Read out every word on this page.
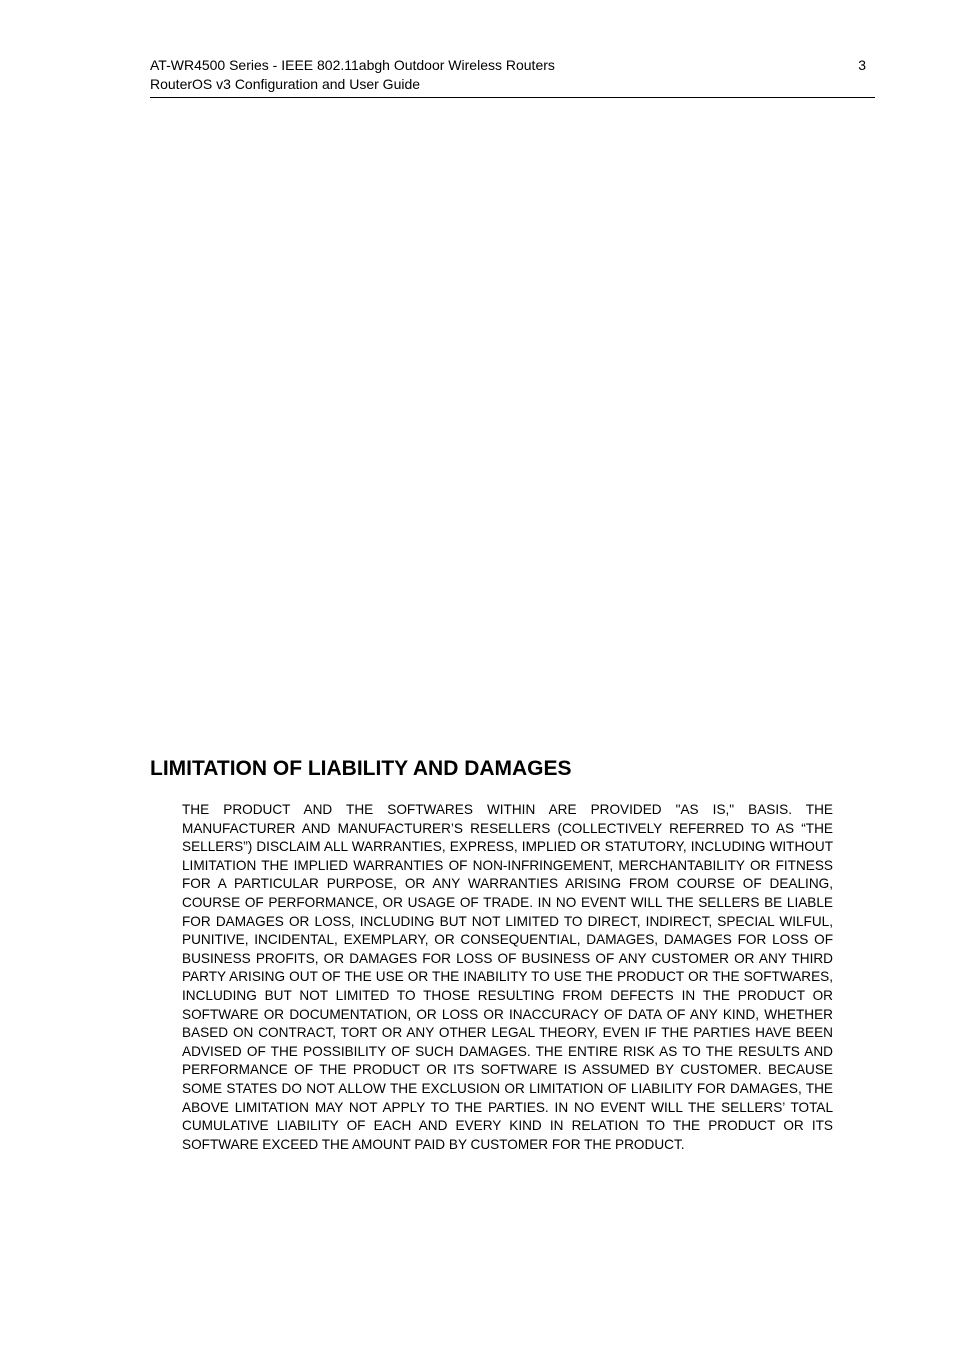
AT-WR4500 Series - IEEE 802.11abgh Outdoor Wireless Routers
RouterOS v3 Configuration and User Guide
3
LIMITATION OF LIABILITY AND DAMAGES

THE PRODUCT AND THE SOFTWARES WITHIN ARE PROVIDED "AS IS," BASIS. THE MANUFACTURER AND MANUFACTURER’S RESELLERS (COLLECTIVELY REFERRED TO AS “THE SELLERS”) DISCLAIM ALL WARRANTIES, EXPRESS, IMPLIED OR STATUTORY, INCLUDING WITHOUT LIMITATION THE IMPLIED WARRANTIES OF NON-INFRINGEMENT, MERCHANTABILITY OR FITNESS FOR A PARTICULAR PURPOSE, OR ANY WARRANTIES ARISING FROM COURSE OF DEALING, COURSE OF PERFORMANCE, OR USAGE OF TRADE. IN NO EVENT WILL THE SELLERS BE LIABLE FOR DAMAGES OR LOSS, INCLUDING BUT NOT LIMITED TO DIRECT, INDIRECT, SPECIAL WILFUL, PUNITIVE, INCIDENTAL, EXEMPLARY, OR CONSEQUENTIAL, DAMAGES, DAMAGES FOR LOSS OF BUSINESS PROFITS, OR DAMAGES FOR LOSS OF BUSINESS OF ANY CUSTOMER OR ANY THIRD PARTY ARISING OUT OF THE USE OR THE INABILITY TO USE THE PRODUCT OR THE SOFTWARES, INCLUDING BUT NOT LIMITED TO THOSE RESULTING FROM DEFECTS IN THE PRODUCT OR SOFTWARE OR DOCUMENTATION, OR LOSS OR INACCURACY OF DATA OF ANY KIND, WHETHER BASED ON CONTRACT, TORT OR ANY OTHER LEGAL THEORY, EVEN IF THE PARTIES HAVE BEEN ADVISED OF THE POSSIBILITY OF SUCH DAMAGES. THE ENTIRE RISK AS TO THE RESULTS AND PERFORMANCE OF THE PRODUCT OR ITS SOFTWARE IS ASSUMED BY CUSTOMER. BECAUSE SOME STATES DO NOT ALLOW THE EXCLUSION OR LIMITATION OF LIABILITY FOR DAMAGES, THE ABOVE LIMITATION MAY NOT APPLY TO THE PARTIES. IN NO EVENT WILL THE SELLERS’ TOTAL CUMULATIVE LIABILITY OF EACH AND EVERY KIND IN RELATION TO THE PRODUCT OR ITS SOFTWARE EXCEED THE AMOUNT PAID BY CUSTOMER FOR THE PRODUCT.
